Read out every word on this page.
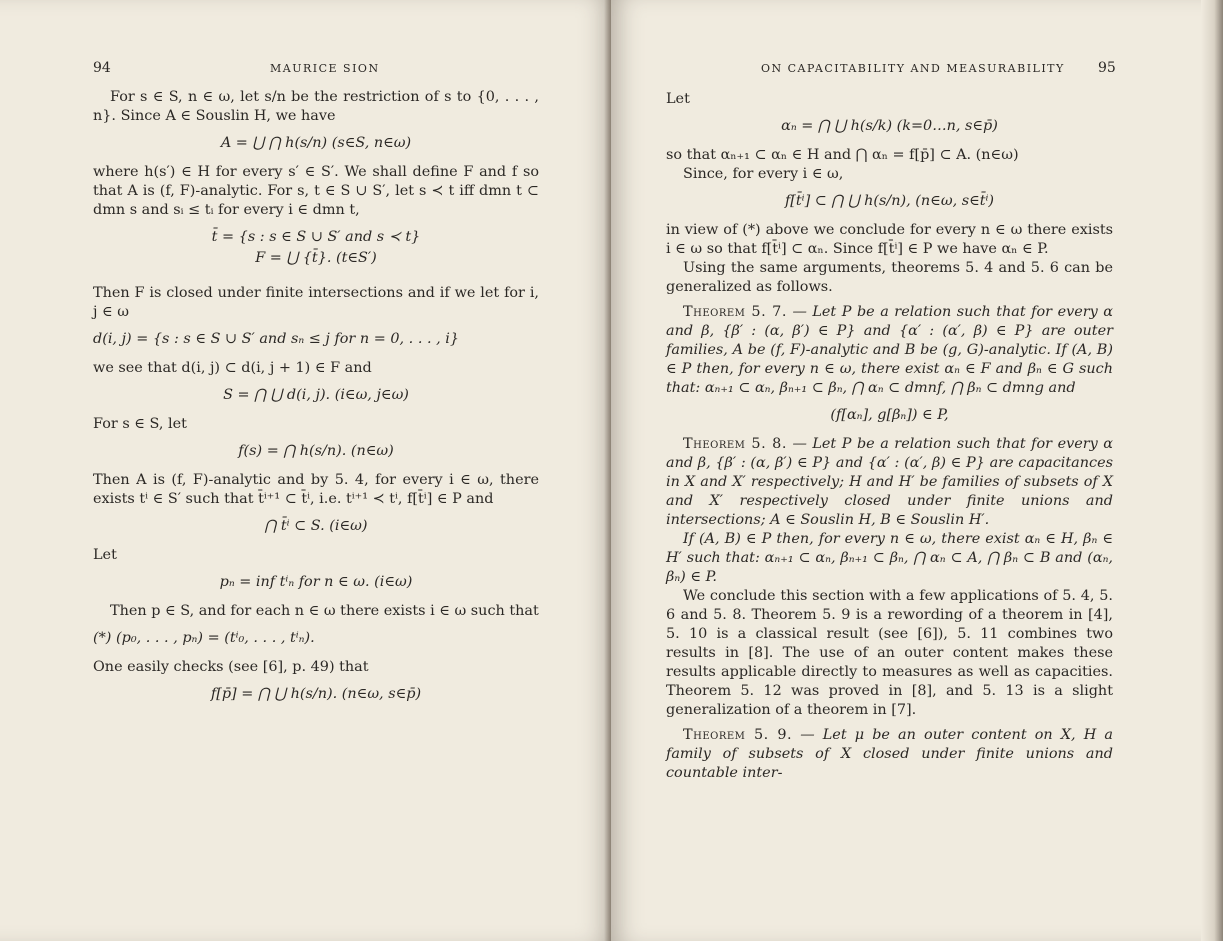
94	MAURICE SION

For s ∈ S, n ∈ ω, let s/n be the restriction of s to {0, . . . , n}. Since A ∈ Souslin H, we have

A = ⋃ ⋂ h(s/n) (s∈S, n∈ω)

where h(s′) ∈ H for every s′ ∈ S′. We shall define F and f so that A is (f, F)-analytic. For s, t ∈ S ∪ S′, let s ≺ t iff dmn t ⊂ dmn s and sᵢ ≤ tᵢ for every i ∈ dmn t,

t̄ = {s : s ∈ S ∪ S′ and s ≺ t}
F = ⋃ {t̄}. (t∈S′)

Then F is closed under finite intersections and if we let for i, j ∈ ω

d(i, j) = {s : s ∈ S ∪ S′ and sₙ ≤ j for n = 0, . . . , i}

we see that d(i, j) ⊂ d(i, j + 1) ∈ F and

S = ⋂ ⋃ d(i, j). (i∈ω, j∈ω)

For s ∈ S, let

f(s) = ⋂ h(s/n). (n∈ω)

Then A is (f, F)-analytic and by 5. 4, for every i ∈ ω, there exists tⁱ ∈ S′ such that t̄ⁱ⁺¹ ⊂ t̄ⁱ, i.e. tⁱ⁺¹ ≺ tⁱ, f[t̄ⁱ] ∈ P and

⋂ t̄ⁱ ⊂ S. (i∈ω)

Let

pₙ = inf tⁱₙ for n ∈ ω. (i∈ω)

Then p ∈ S, and for each n ∈ ω there exists i ∈ ω such that

(*) (p₀, . . . , pₙ) = (tⁱ₀, . . . , tⁱₙ).

One easily checks (see [6], p. 49) that

f[p̄] = ⋂ ⋃ h(s/n). (n∈ω, s∈p̄)
ON CAPACITABILITY AND MEASURABILITY 95

Let

αₙ = ⋂ ⋃ h(s/k) (k=0…n, s∈p̄)

so that αₙ₊₁ ⊂ αₙ ∈ H and ⋂ αₙ = f[p̄] ⊂ A. (n∈ω)

Since, for every i ∈ ω,

f[t̄ⁱ] ⊂ ⋂ ⋃ h(s/n), (n∈ω, s∈t̄ⁱ)

in view of (*) above we conclude for every n ∈ ω there exists i ∈ ω so that f[t̄ⁱ] ⊂ αₙ. Since f[t̄ⁱ] ∈ P we have αₙ ∈ P.

Using the same arguments, theorems 5. 4 and 5. 6 can be generalized as follows.

Theorem 5. 7. — Let P be a relation such that for every α and β, {β′ : (α, β′) ∈ P} and {α′ : (α′, β) ∈ P} are outer families, A be (f, F)-analytic and B be (g, G)-analytic. If (A, B) ∈ P then, for every n ∈ ω, there exist αₙ ∈ F and βₙ ∈ G such that: αₙ₊₁ ⊂ αₙ, βₙ₊₁ ⊂ βₙ, ⋂ αₙ ⊂ dmnf, ⋂ βₙ ⊂ dmng and

(f[αₙ], g[βₙ]) ∈ P,

Theorem 5. 8. — Let P be a relation such that for every α and β, {β′ : (α, β′) ∈ P} and {α′ : (α′, β) ∈ P} are capacitances in X and X′ respectively; H and H′ be families of subsets of X and X′ respectively closed under finite unions and intersections; A ∈ Souslin H, B ∈ Souslin H′.

If (A, B) ∈ P then, for every n ∈ ω, there exist αₙ ∈ H, βₙ ∈ H′ such that: αₙ₊₁ ⊂ αₙ, βₙ₊₁ ⊂ βₙ, ⋂ αₙ ⊂ A, ⋂ βₙ ⊂ B and (αₙ, βₙ) ∈ P.

We conclude this section with a few applications of 5. 4, 5. 6 and 5. 8. Theorem 5. 9 is a rewording of a theorem in [4], 5. 10 is a classical result (see [6]), 5. 11 combines two results in [8]. The use of an outer content makes these results applicable directly to measures as well as capacities. Theorem 5. 12 was proved in [8], and 5. 13 is a slight generalization of a theorem in [7].

Theorem 5. 9. — Let μ be an outer content on X, H a family of subsets of X closed under finite unions and countable inter-
